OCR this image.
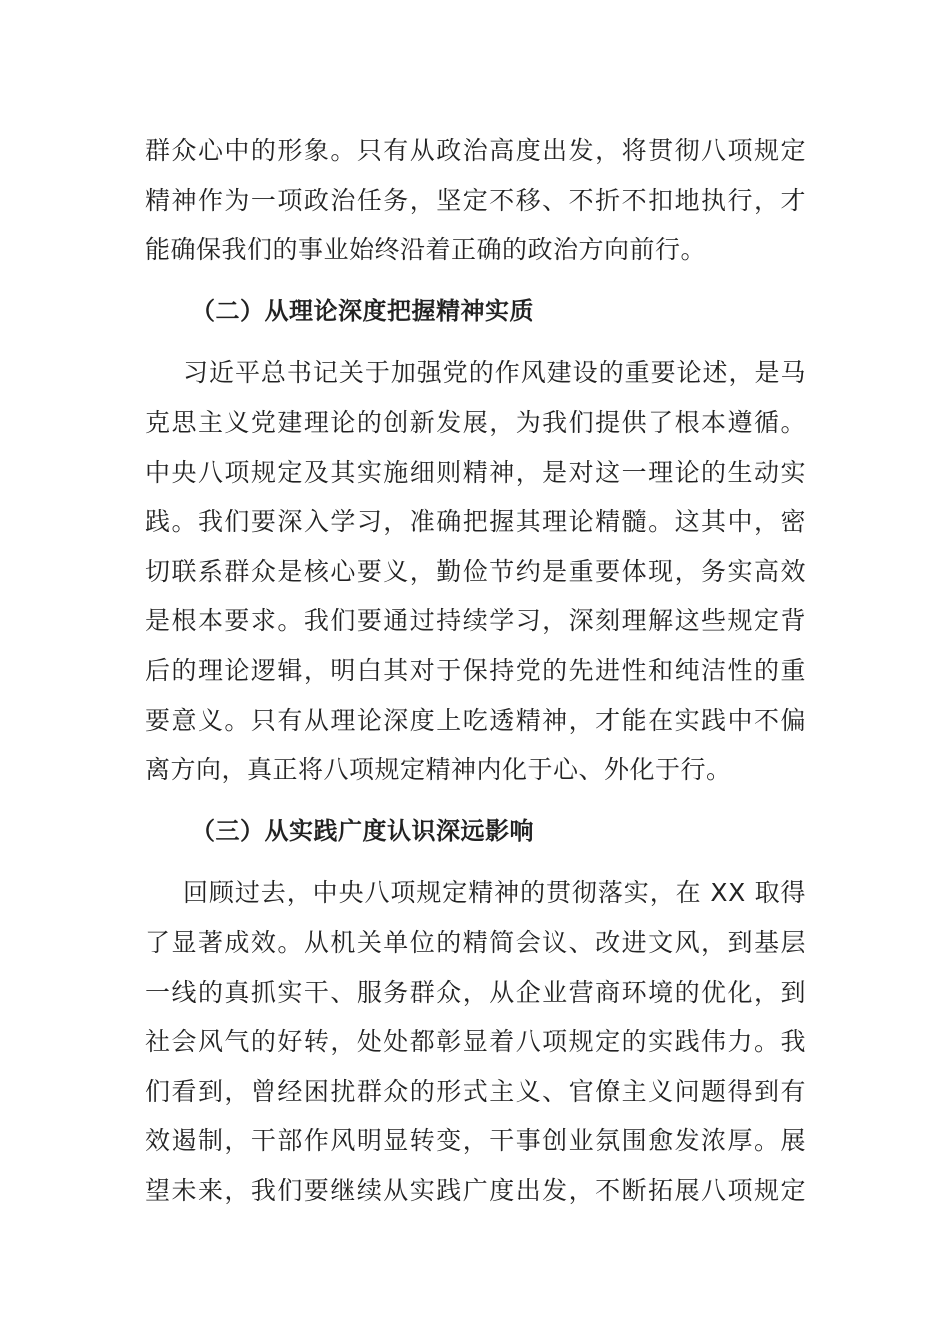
群众心中的形象。只有从政治高度出发，将贯彻八项规定
精神作为一项政治任务，坚定不移、不折不扣地执行，才
能确保我们的事业始终沿着正确的政治方向前行。
（二）从理论深度把握精神实质
习近平总书记关于加强党的作风建设的重要论述，是马
克思主义党建理论的创新发展，为我们提供了根本遵循。
中央八项规定及其实施细则精神，是对这一理论的生动实
践。我们要深入学习，准确把握其理论精髓。这其中，密
切联系群众是核心要义，勤俭节约是重要体现，务实高效
是根本要求。我们要通过持续学习，深刻理解这些规定背
后的理论逻辑，明白其对于保持党的先进性和纯洁性的重
要意义。只有从理论深度上吃透精神，才能在实践中不偏
离方向，真正将八项规定精神内化于心、外化于行。
（三）从实践广度认识深远影响
回顾过去，中央八项规定精神的贯彻落实，在 XX 取得
了显著成效。从机关单位的精简会议、改进文风，到基层
一线的真抓实干、服务群众，从企业营商环境的优化，到
社会风气的好转，处处都彰显着八项规定的实践伟力。我
们看到，曾经困扰群众的形式主义、官僚主义问题得到有
效遏制，干部作风明显转变，干事创业氛围愈发浓厚。展
望未来，我们要继续从实践广度出发，不断拓展八项规定
